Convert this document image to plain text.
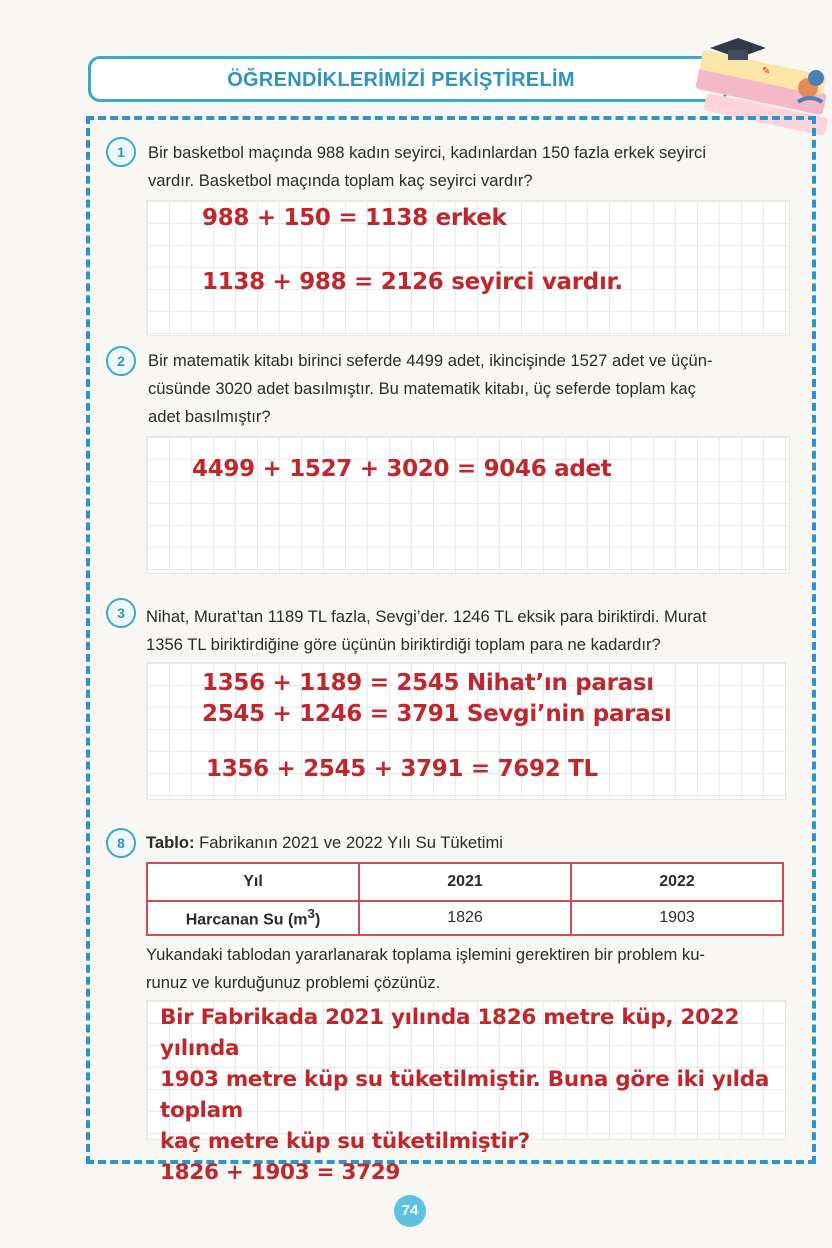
ÖĞRENDİKLERİMİZİ PEKİŞTİRELİM	✎
1	Bir basketbol maçında 988 kadın seyirci, kadınlardan 150 fazla erkek seyirci
vardır. Basketbol maçında toplam kaç seyirci vardır?
988 + 150 = 1138 erkek
1138 + 988 = 2126 seyirci vardır.
2	Bir matematik kitabı birinci seferde 4499 adet, ikincişinde 1527 adet ve üçün-
cüsünde 3020 adet basılmıştır. Bu matematik kitabı, üç seferde toplam kaç
adet basılmıştır?
4499 + 1527 + 3020 = 9046 adet
3	Nihat, Murat’tan 1189 TL fazla, Sevgi’der. 1246 TL eksik para biriktirdi. Murat
1356 TL biriktirdiğine göre üçünün biriktirdiği toplam para ne kadardır?
1356 + 1189 = 2545 Nihat’ın parası
2545 + 1246 = 3791 Sevgi’nin parası
1356 + 2545 + 3791 = 7692 TL
8	Tablo: Fabrikanın 2021 ve 2022 Yılı Su Tüketimi
Yıl	2021	2022
Harcanan Su $(m^3)$	1826	1903
Yukandaki tablodan yararlanarak toplama işlemini gerektiren bir problem ku-
runuz ve kurduğunuz problemi çözünüz.
Bir Fabrikada 2021 yılında 1826 metre küp, 2022 yılında
1903 metre küp su tüketilmiştir. Buna göre iki yılda toplam
kaç metre küp su tüketilmiştir?
1826 + 1903 = 3729
74
